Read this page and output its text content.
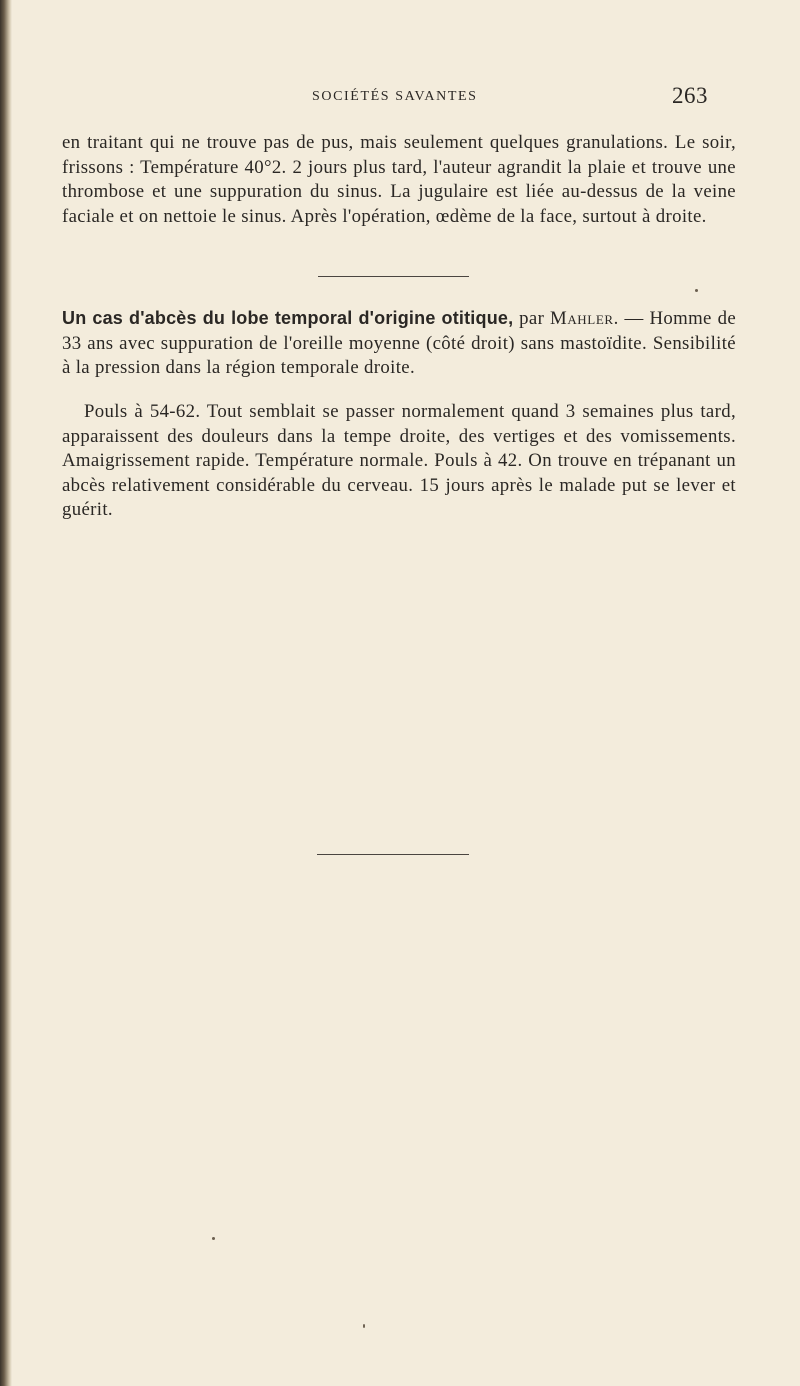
SOCIÉTÉS SAVANTES	263

en traitant qui ne trouve pas de pus, mais seulement quelques granulations. Le soir, frissons : Température 40°2. 2 jours plus tard, l'auteur agrandit la plaie et trouve une thrombose et une suppuration du sinus. La jugulaire est liée au-dessus de la veine faciale et on nettoie le sinus. Après l'opération, œdème de la face, surtout à droite.

Un cas d'abcès du lobe temporal d'origine otitique, par Mahler. — Homme de 33 ans avec suppuration de l'oreille moyenne (côté droit) sans mastoïdite. Sensibilité à la pression dans la région temporale droite.

Pouls à 54-62. Tout semblait se passer normalement quand 3 semaines plus tard, apparaissent des douleurs dans la tempe droite, des vertiges et des vomissements. Amaigrissement rapide. Température normale. Pouls à 42. On trouve en trépanant un abcès relativement considérable du cerveau. 15 jours après le malade put se lever et guérit.
